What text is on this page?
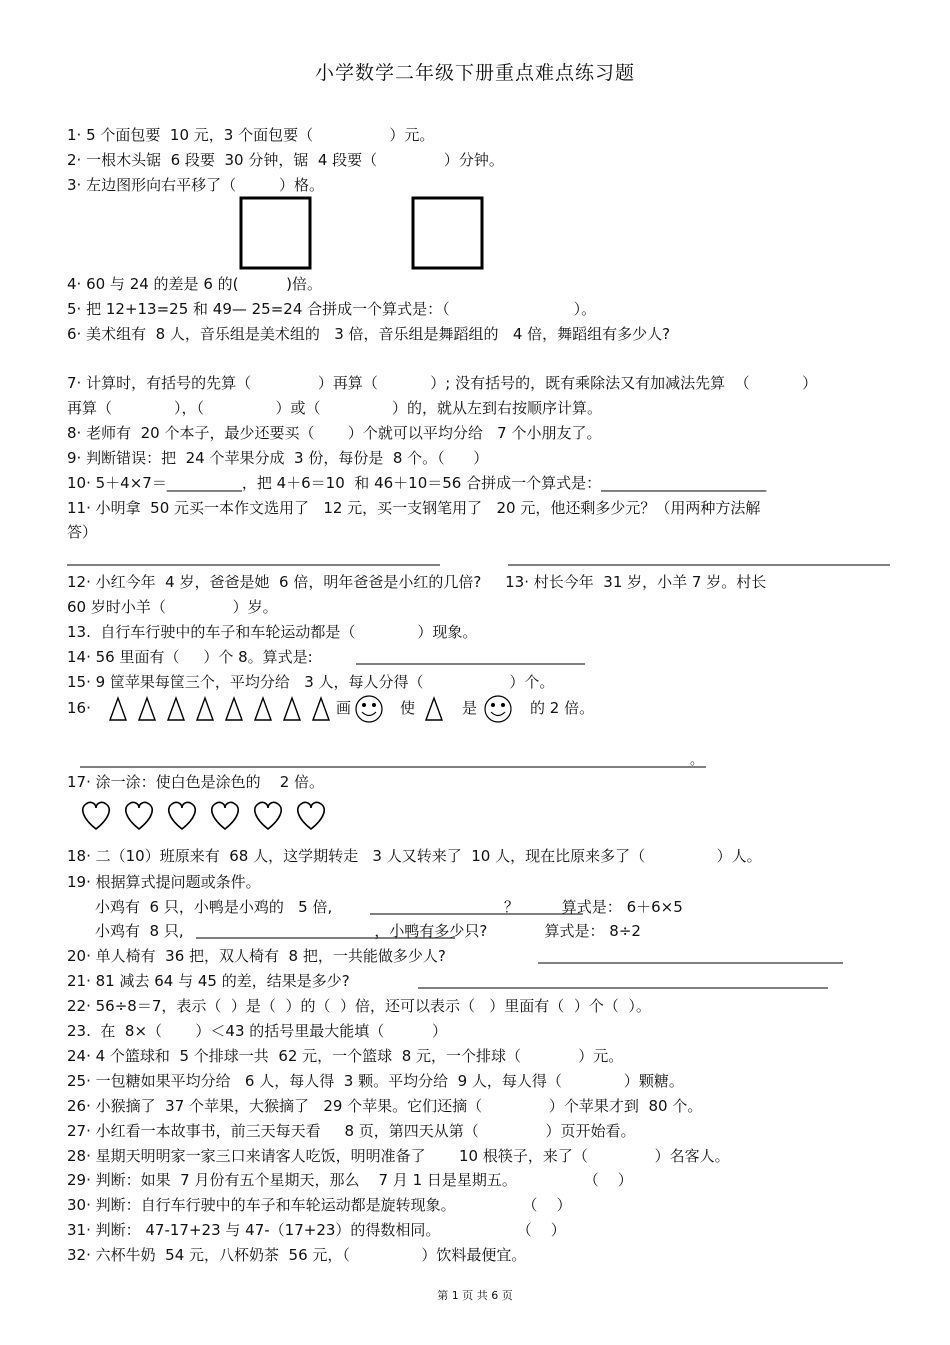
小学数学二年级下册重点难点练习题
1· 5 个面包要  10 元，3 个面包要（                ）元。
2· 一根木头锯  6 段要  30 分钟，锯  4 段要（              ）分钟。
3· 左边图形向右平移了（         ）格。
4· 60 与 24 的差是 6 的(          )倍。
5· 把 12+13=25 和 49— 25=24 合拼成一个算式是：（                          ）。
6· 美术组有  8 人，音乐组是美术组的   3 倍，音乐组是舞蹈组的   4 倍，舞蹈组有多少人?
7· 计算时，有括号的先算（              ）再算（           ）; 没有括号的，既有乘除法又有加减法先算  （           ）
再算（             ），（               ）或（               ）的，就从左到右按顺序计算。
8· 老师有  20 个本子，最少还要买（       ）个就可以平均分给   7 个小朋友了。
9· 判断错误：把  24 个苹果分成  3 份，每份是  8 个。（      ）
10· 5＋4×7＝__________，把 4＋6＝10  和 46＋10＝56 合拼成一个算式是：______________________
11· 小明拿  50 元买一本作文选用了   12 元，买一支钢笔用了   20 元，他还剩多少元？（用两种方法解
答）
12· 小红今年  4 岁，爸爸是她  6 倍，明年爸爸是小红的几倍?     13· 村长今年  31 岁，小羊 7 岁。村长
60 岁时小羊（              ）岁。
13.  自行车行驶中的车子和车轮运动都是（             ）现象。
14· 56 里面有（     ）个 8。算式是:
15· 9 筐苹果每筐三个，平均分给   3 人，每人分得（                  ）个。
16·	画	使	是	的 2 倍。
。
17· 涂一涂：使白色是涂色的    2 倍。
18· 二（10）班原来有  68 人，这学期转走   3 人又转来了  10 人，现在比原来多了（               ）人。
19· 根据算式提问题或条件。
小鸡有  6 只，小鸭是小鸡的   5 倍,                                    ？         算式是： 6＋6×5
小鸡有  8 只,                                        ，小鸭有多少只?            算式是： 8÷2
20· 单人椅有  36 把，双人椅有  8 把，一共能做多少人?
21· 81 减去 64 与 45 的差，结果是多少?
22· 56÷8＝7，表示（  ）是（  ）的（  ）倍，还可以表示（   ）里面有（  ）个（  ）。
23.  在  8×（       ）＜43 的括号里最大能填（          ）
24· 4 个篮球和  5 个排球一共  62 元，一个篮球  8 元，一个排球（            ）元。
25· 一包糖如果平均分给   6 人，每人得  3 颗。平均分给  9 人，每人得（             ）颗糖。
26· 小猴摘了  37 个苹果，大猴摘了   29 个苹果。它们还摘（              ）个苹果才到  80 个。
27· 小红看一本故事书，前三天每天看     8 页，第四天从第（              ）页开始看。
28· 星期天明明家一家三口来请客人吃饭，明明准备了       10 根筷子，来了（              ）名客人。
29· 判断：如果  7 月份有五个星期天，那么    7 月 1 日是星期五。              （    ）
30· 判断：自行车行驶中的车子和车轮运动都是旋转现象。              （    ）
31· 判断： 47-17+23 与 47-（17+23）的得数相同。                （    ）
32· 六杯牛奶  54 元，八杯奶茶  56 元，（               ）饮料最便宜。
第 1 页 共 6 页
